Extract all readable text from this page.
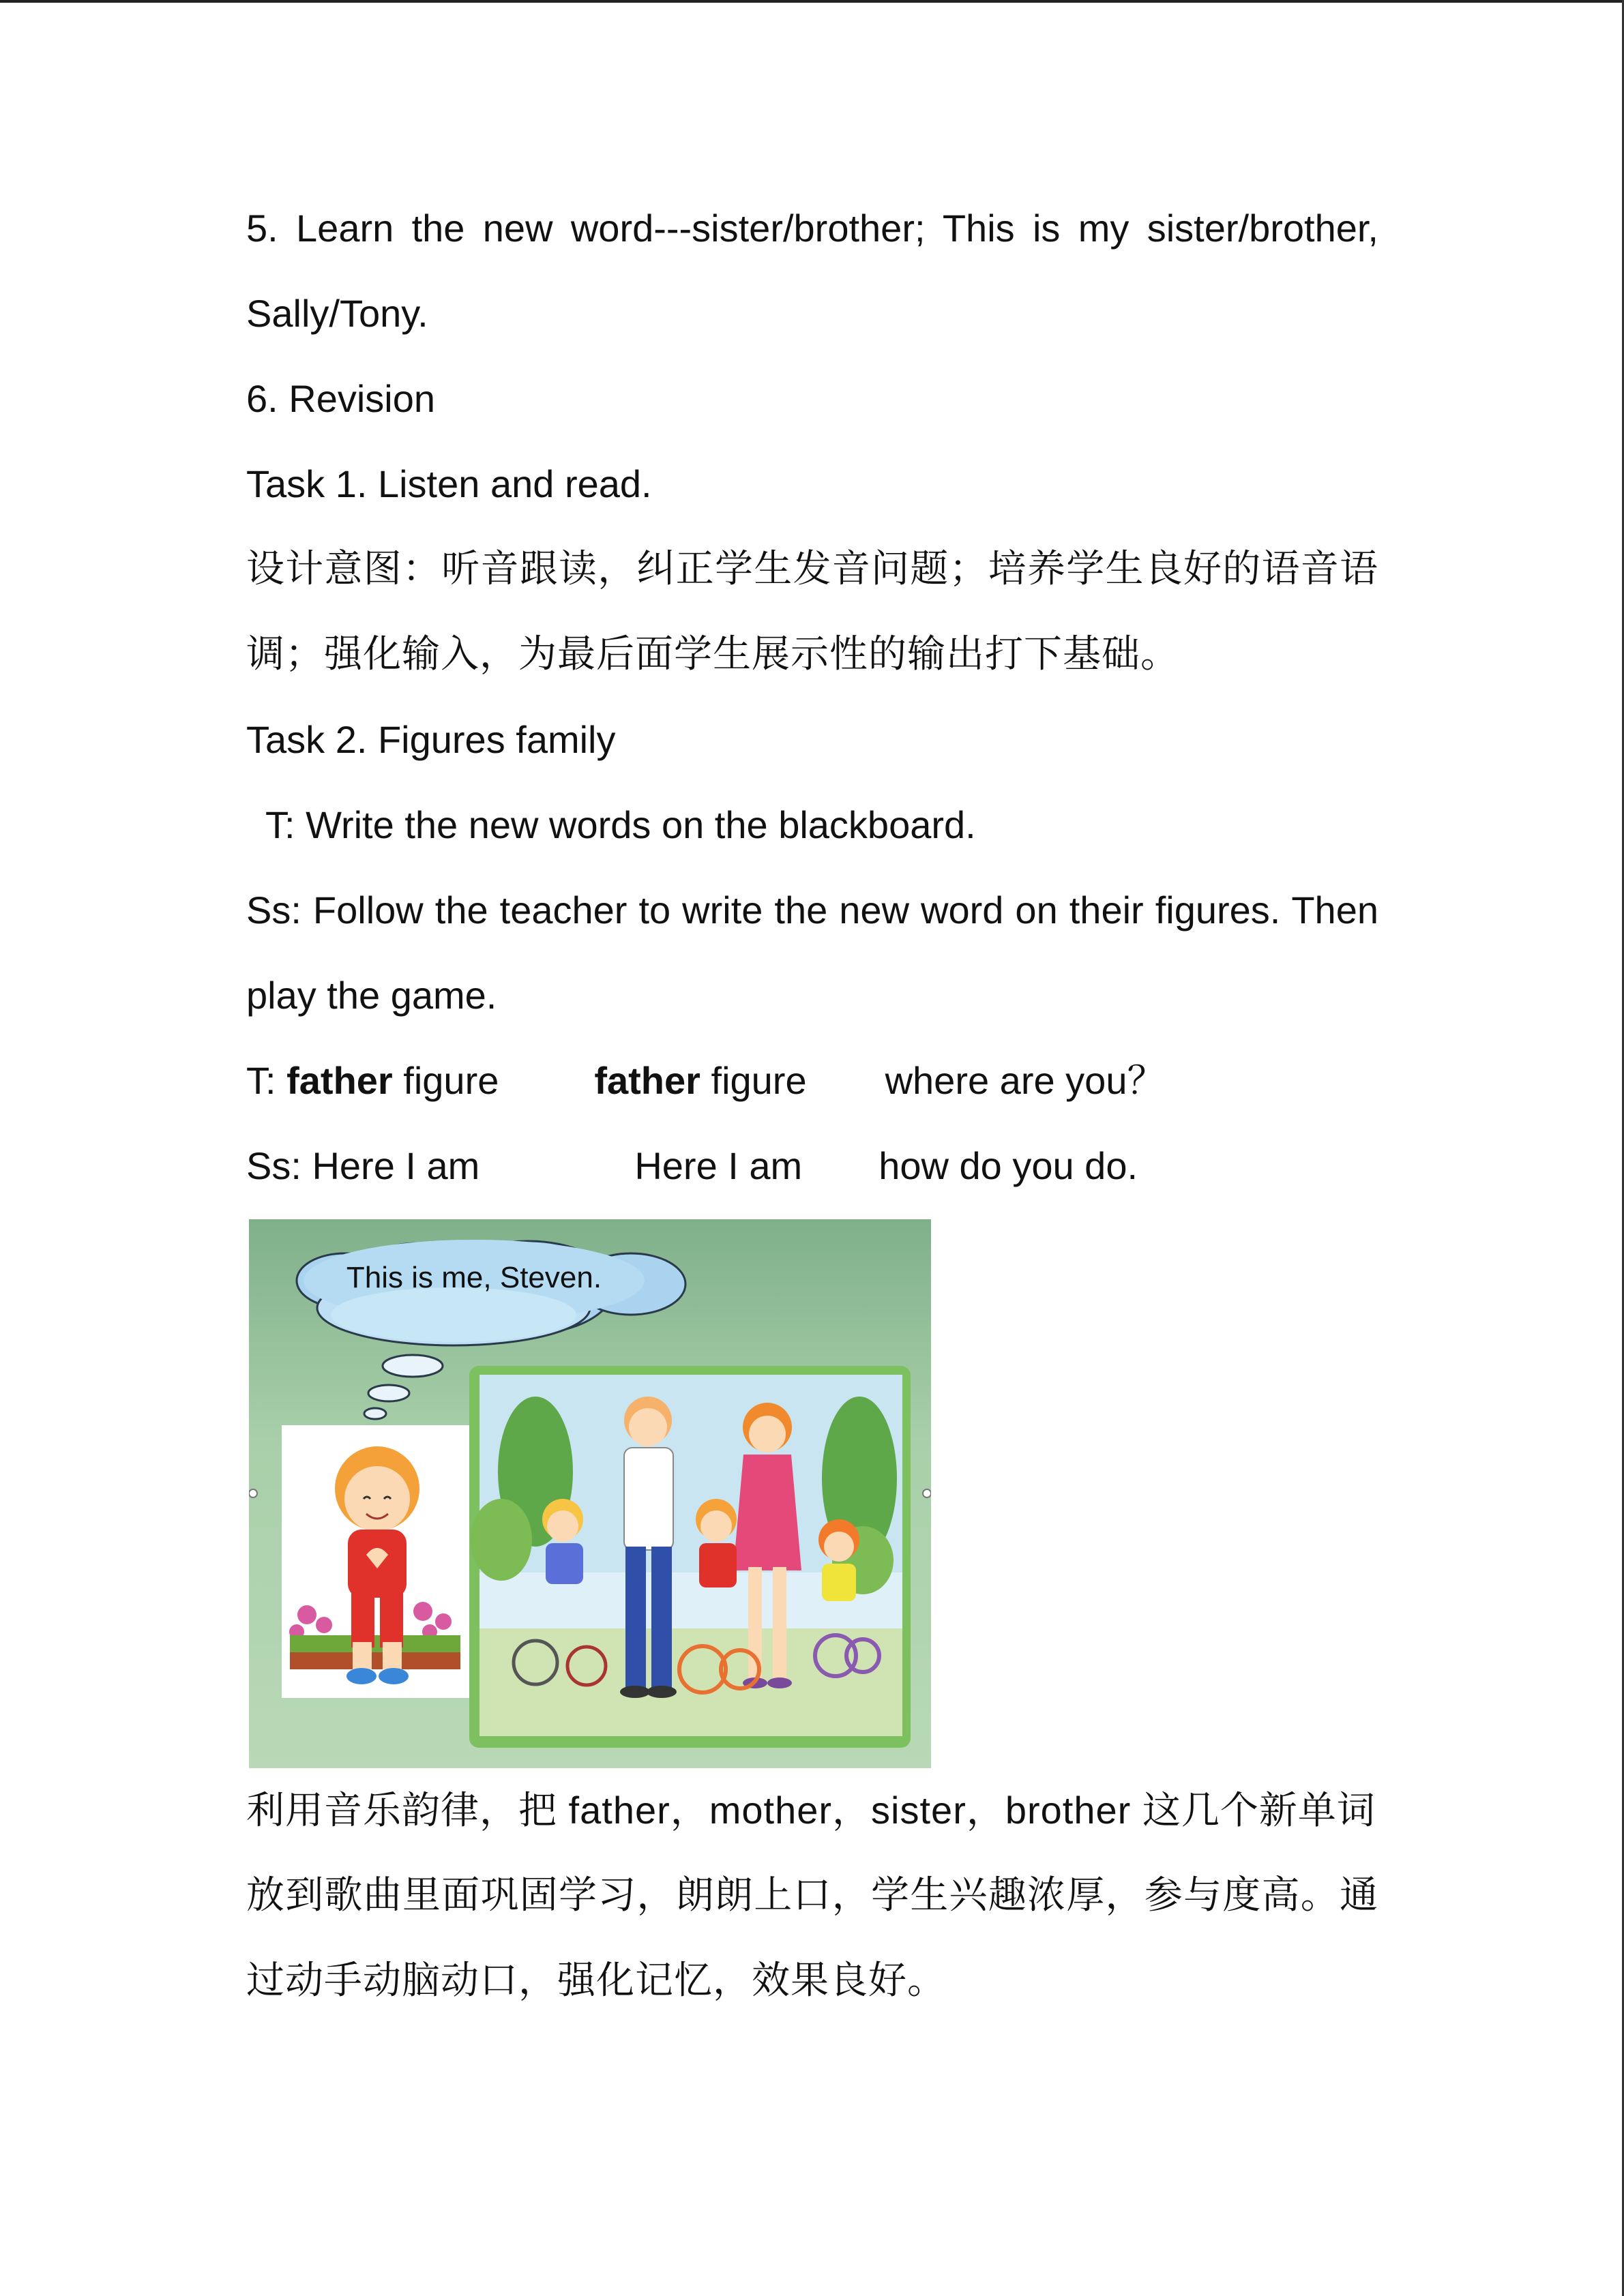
5. Learn the new word---sister/brother; This is my sister/brother,
Sally/Tony.
6. Revision
Task 1. Listen and read.
设计意图：听音跟读，纠正学生发音问题；培养学生良好的语音语
调；强化输入，为最后面学生展示性的输出打下基础。
Task 2. Figures family
T: Write the new words on the blackboard.
Ss: Follow the teacher to write the new word on their figures. Then
play the game.
T: father figure	father figure where are you？
Ss: Here I am	Here I am how do you do.
利用音乐韵律，把 father，mother，sister，brother 这几个新单词
放到歌曲里面巩固学习，朗朗上口，学生兴趣浓厚，参与度高。通
过动手动脑动口，强化记忆，效果良好。
This is me, Steven.
